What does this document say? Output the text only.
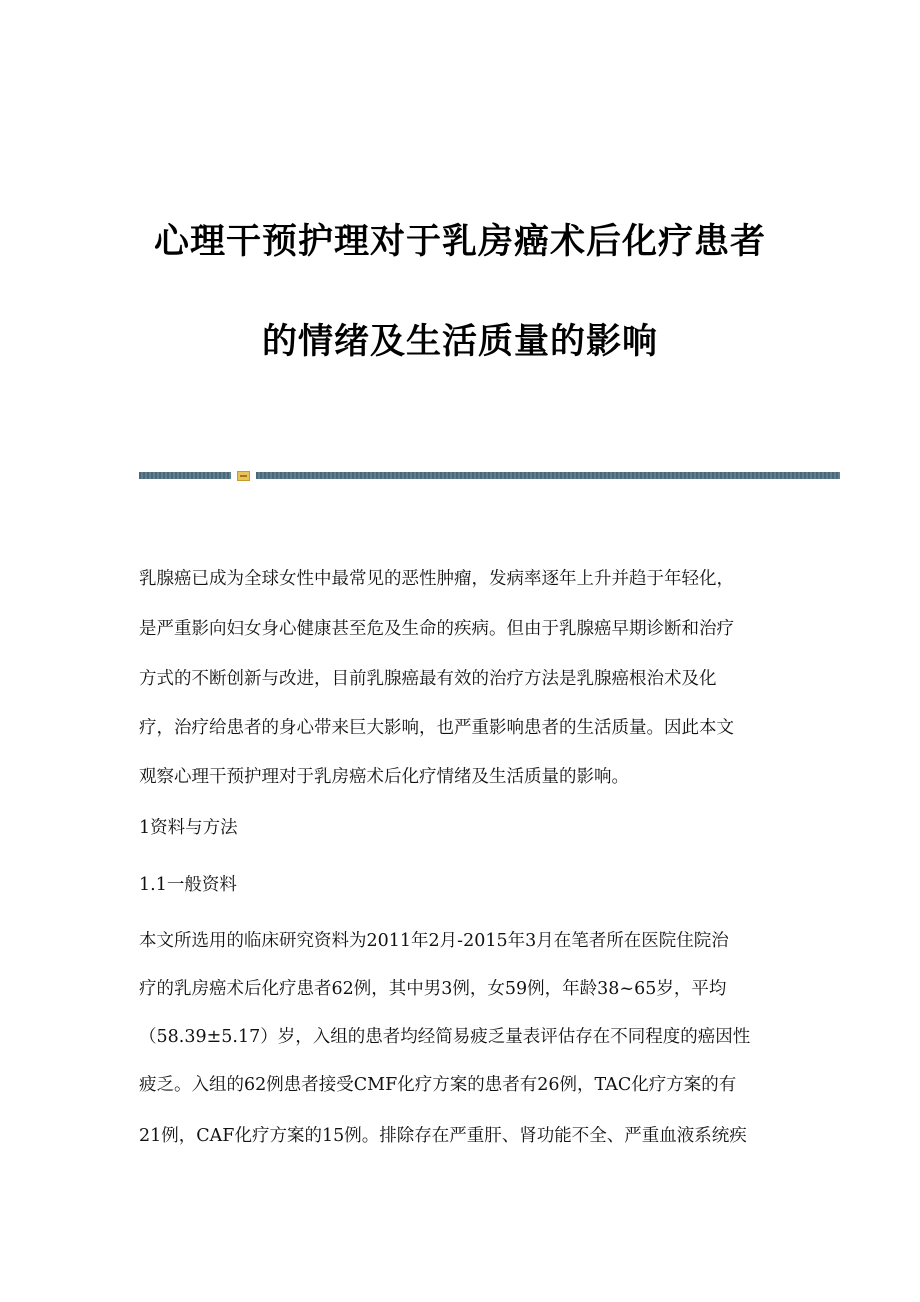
心理干预护理对于乳房癌术后化疗患者
的情绪及生活质量的影响
乳腺癌已成为全球女性中最常见的恶性肿瘤，发病率逐年上升并趋于年轻化，
是严重影向妇女身心健康甚至危及生命的疾病。但由于乳腺癌早期诊断和治疗
方式的不断创新与改进，目前乳腺癌最有效的治疗方法是乳腺癌根治术及化
疗，治疗给患者的身心带来巨大影响，也严重影响患者的生活质量。因此本文
观察心理干预护理对于乳房癌术后化疗情绪及生活质量的影响。
1资料与方法
1.1一般资料
本文所选用的临床研究资料为2011年2月-2015年3月在笔者所在医院住院治
疗的乳房癌术后化疗患者62例，其中男3例，女59例，年龄38~65岁，平均
（58.39±5.17）岁，入组的患者均经简易疲乏量表评估存在不同程度的癌因性
疲乏。入组的62例患者接受CMF化疗方案的患者有26例，TAC化疗方案的有
21例，CAF化疗方案的15例。排除存在严重肝、肾功能不全、严重血液系统疾
